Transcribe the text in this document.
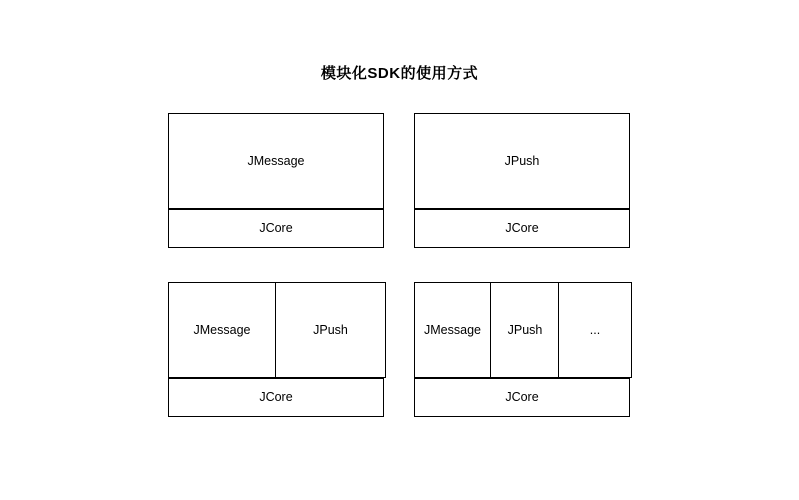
模块化SDK的使用方式
JMessage
JCore
JPush
JCore
JMessage	JPush
JCore
JMessage JPush	...
JCore
